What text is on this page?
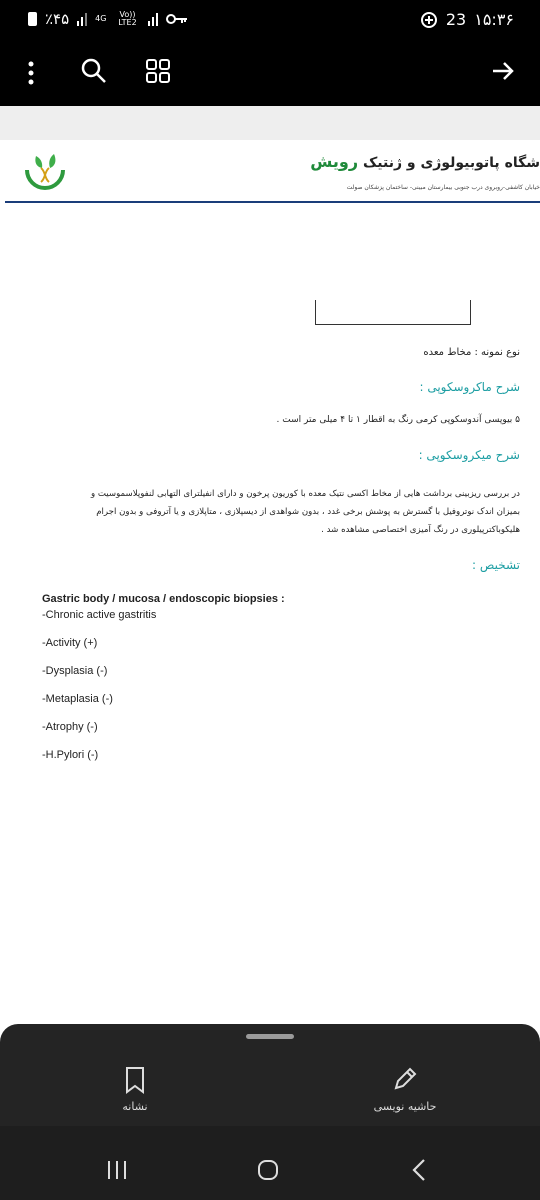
٪۴۵	4G	Vo)) LTE2	23 ۱۵:۳۶
شگاه پاتوبیولوژی و ژنتیک رویش
خیابان کاشفی-روبروی درب جنوبی بیمارستان مبینی- ساختمان پزشکان صولت
نوع نمونه : مخاط معده
شرح ماکروسکوپی :
۵ بیوپسی آندوسکوپی کرمی رنگ به اقطار ۱ تا ۴ میلی متر است .
شرح میکروسکوپی :
در بررسی ریزبینی برداشت هایی از مخاط اکسی نتیک معده با کوریون پرخون و دارای انفیلترای التهابی لنفوپلاسموسیت و
بمیزان اندک نوتروفیل با گسترش به پوشش برخی غدد ، بدون شواهدی از دیسپلازی ، متاپلازی و یا آتروفی و بدون اجرام
هلیکوباکترپیلوری در رنگ آمیزی اختصاصی مشاهده شد .
تشخیص :
Gastric body / mucosa / endoscopic biopsies :
-Chronic active gastritis
-Activity (+)
-Dysplasia (-)
-Metaplasia (-)
-Atrophy (-)
-H.Pylori (-)
نشانه	حاشیه نویسی
